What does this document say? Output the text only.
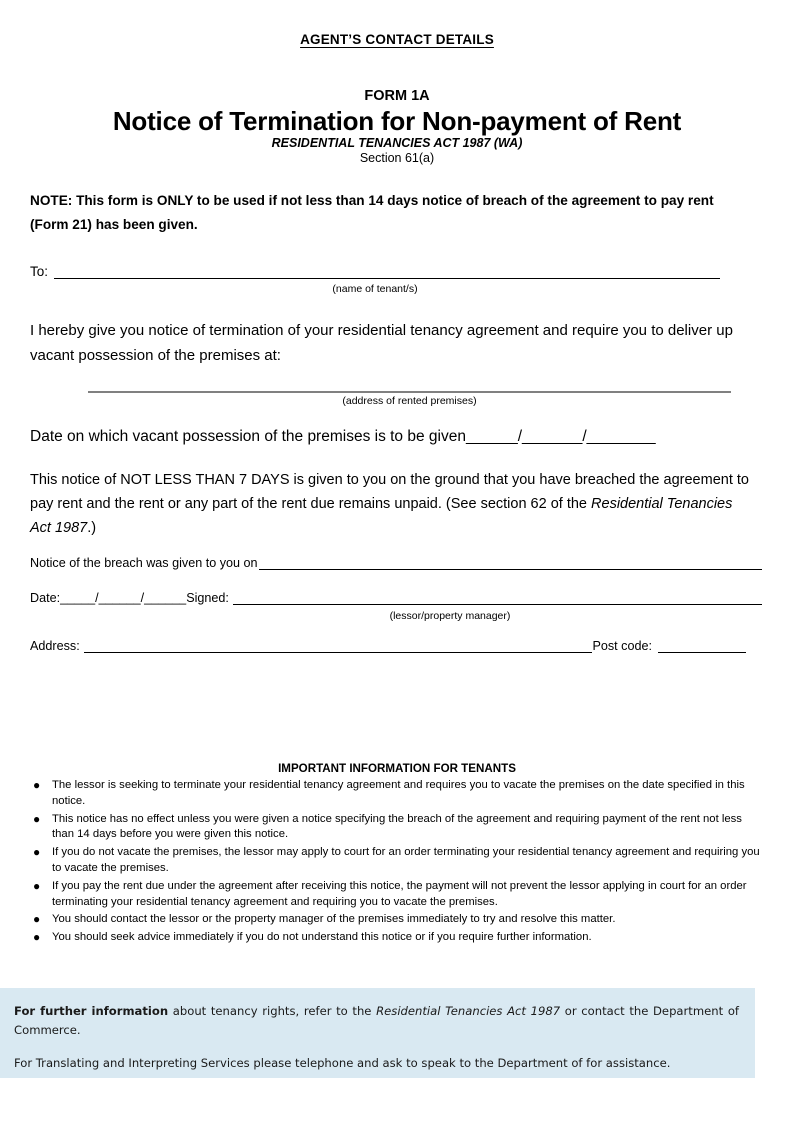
AGENT’S CONTACT DETAILS
FORM 1A
Notice of Termination for Non-payment of Rent
RESIDENTIAL TENANCIES ACT 1987 (WA)
Section 61(a)
NOTE: This form is ONLY to be used if not less than 14 days notice of breach of the agreement to pay rent (Form 21) has been given.
To:
(name of tenant/s)
I hereby give you notice of termination of your residential tenancy agreement and require you to deliver up vacant possession of the premises at:
(address of rented premises)
Date on which vacant possession of the premises is to be given______/_______/________
This notice of NOT LESS THAN 7 DAYS is given to you on the ground that you have breached the agreement to pay rent and the rent or any part of the rent due remains unpaid. (See section 62 of the Residential Tenancies Act 1987.)
Notice of the breach was given to you on
Date: _____/______/______ Signed:
(lessor/property manager)
Address:	Post code:
IMPORTANT INFORMATION FOR TENANTS
● The lessor is seeking to terminate your residential tenancy agreement and requires you to vacate the premises on the date specified in this notice.
● This notice has no effect unless you were given a notice specifying the breach of the agreement and requiring payment of the rent not less than 14 days before you were given this notice.
● If you do not vacate the premises, the lessor may apply to court for an order terminating your residential tenancy agreement and requiring you to vacate the premises.
● If you pay the rent due under the agreement after receiving this notice, the payment will not prevent the lessor applying in court for an order terminating your residential tenancy agreement and requiring you to vacate the premises.
● You should contact the lessor or the property manager of the premises immediately to try and resolve this matter.
● You should seek advice immediately if you do not understand this notice or if you require further information.

For further information about tenancy rights, refer to the Residential Tenancies Act 1987 or contact the Department of Commerce.

For Translating and Interpreting Services please telephone and ask to speak to the Department of for assistance.
